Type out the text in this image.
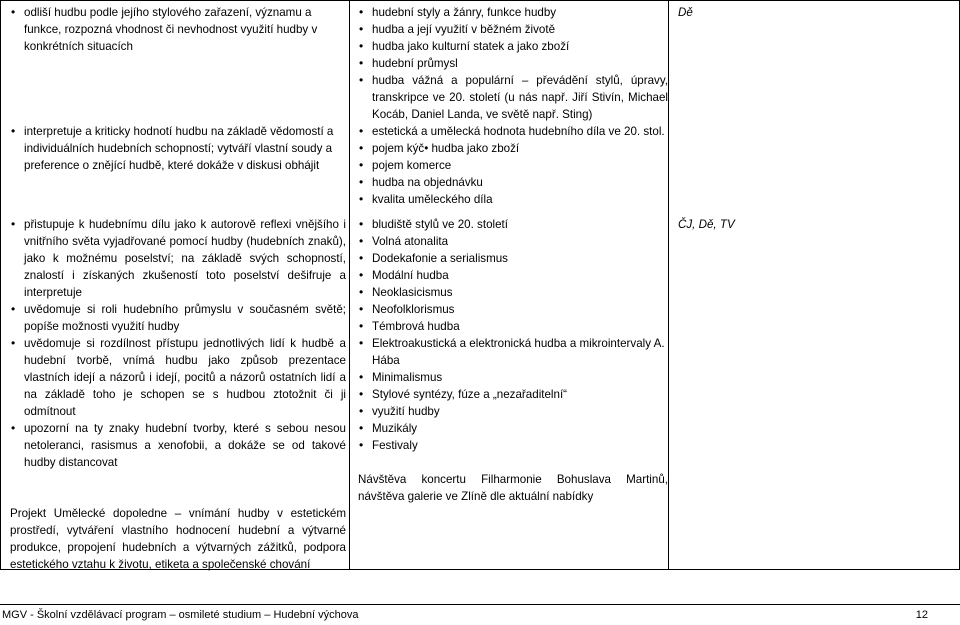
• odliší hudbu podle jejího stylového zařazení, významu a funkce, rozpozná vhodnost či nevhodnost využití hudby v konkrétních situacích
• interpretuje a kriticky hodnotí hudbu na základě vědomostí a individuálních hudebních schopností; vytváří vlastní soudy a preference o znějící hudbě, které dokáže v diskusi obhájit
• přistupuje k hudebnímu dílu jako k autorově reflexi vnějšího i vnitřního světa vyjadřované pomocí hudby (hudebních znaků), jako k možnému poselství; na základě svých schopností, znalostí i získaných zkušeností toto poselství dešifruje a interpretuje
• uvědomuje si roli hudebního průmyslu v současném světě; popíše možnosti využití hudby
• uvědomuje si rozdílnost přístupu jednotlivých lidí k hudbě a hudební tvorbě, vnímá hudbu jako způsob prezentace vlastních idejí a názorů i idejí, pocitů a názorů ostatních lidí a na základě toho je schopen se s hudbou ztotožnit či ji odmítnout
• upozorní na ty znaky hudební tvorby, které s sebou nesou netoleranci, rasismus a xenofobii, a dokáže se od takové hudby distancovat

Projekt Umělecké dopoledne – vnímání hudby v estetickém prostředí, vytváření vlastního hodnocení hudební a výtvarné produkce, propojení hudebních a výtvarných zážitků, podpora estetického vztahu k životu, etiketa a společenské chování

• hudební styly a žánry, funkce hudby
• hudba a její využití v běžném životě
• hudba jako kulturní statek a jako zboží
• hudební průmysl
• hudba vážná a populární – převádění stylů, úpravy, transkripce ve 20. století (u nás např. Jiří Stivín, Michael Kocáb, Daniel Landa, ve světě např. Sting)
• estetická a umělecká hodnota hudebního díla ve 20. stol.
• pojem kýč• hudba jako zboží
• pojem komerce
• hudba na objednávku
• kvalita uměleckého díla
• bludiště stylů ve 20. století
• Volná atonalita
• Dodekafonie a serialismus
• Modální hudba
• Neoklasicismus
• Neofolklorismus
• Témbrová hudba
• Elektroakustická a elektronická hudba a mikrointervaly A. Hába
• Minimalismus
• Stylové syntézy, fúze a „nezařaditelní“
• využití hudby
• Muzikály
• Festivaly

Návštěva koncertu Filharmonie Bohuslava Martinů, návštěva galerie ve Zlíně dle aktuální nabídky

Dě
ČJ, Dě, TV
MGV - Školní vzdělávací program – osmileté studium – Hudební výchova	12
